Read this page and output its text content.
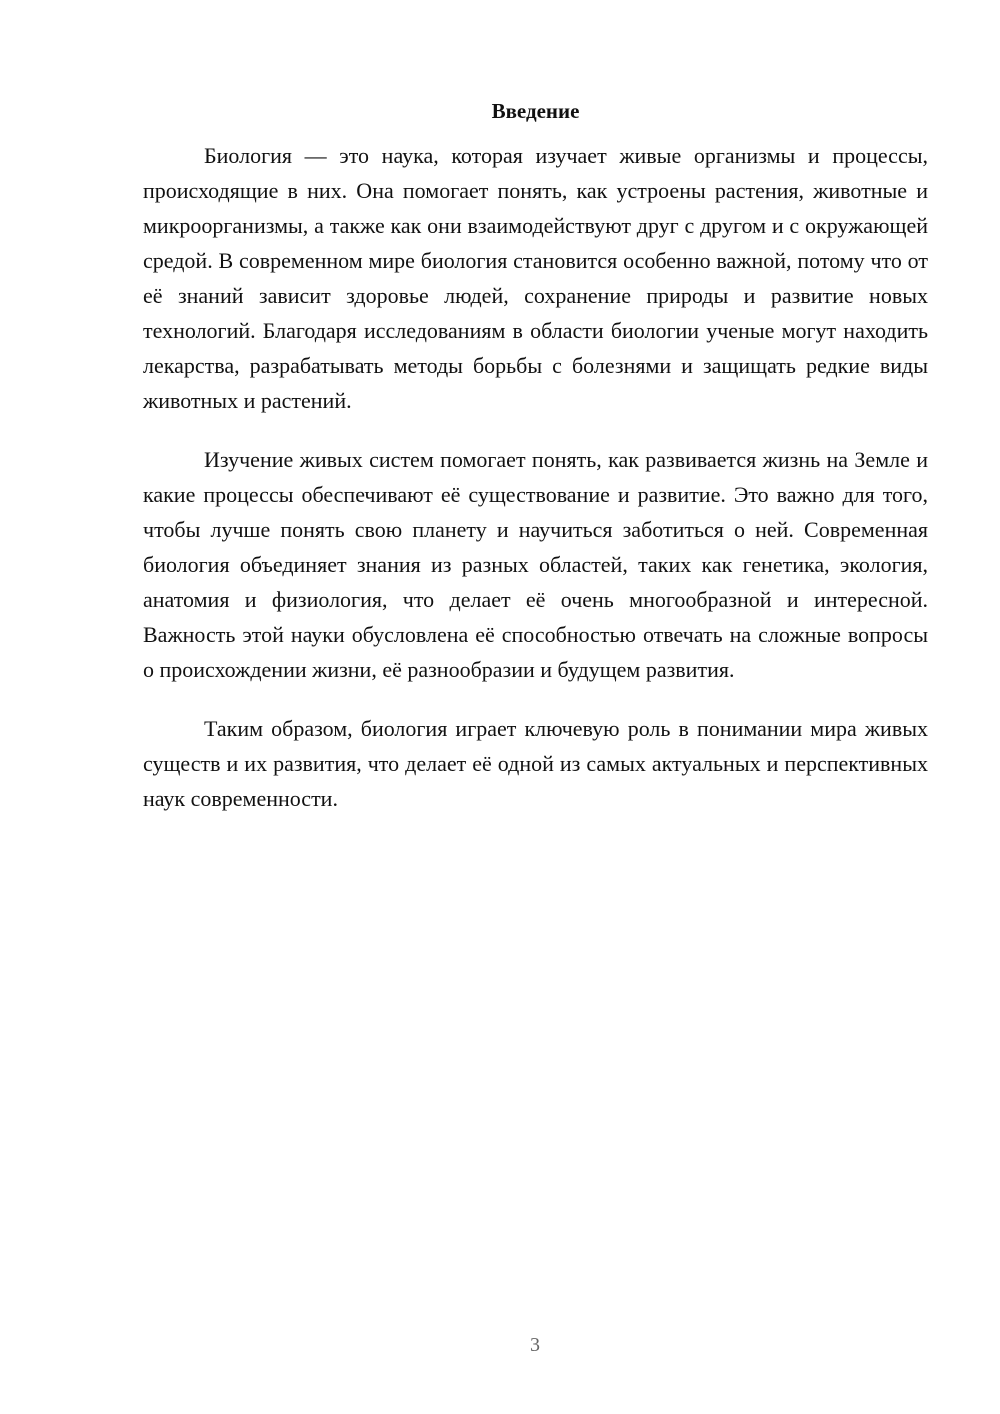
Введение

Биология — это наука, которая изучает живые организмы и процессы, происходящие в них. Она помогает понять, как устроены растения, животные и микроорганизмы, а также как они взаимодействуют друг с другом и с окружающей средой. В современном мире биология становится особенно важной, потому что от её знаний зависит здоровье людей, сохранение природы и развитие новых технологий. Благодаря исследованиям в области биологии ученые могут находить лекарства, разрабатывать методы борьбы с болезнями и защищать редкие виды животных и растений.

Изучение живых систем помогает понять, как развивается жизнь на Земле и какие процессы обеспечивают её существование и развитие. Это важно для того, чтобы лучше понять свою планету и научиться заботиться о ней. Современная биология объединяет знания из разных областей, таких как генетика, экология, анатомия и физиология, что делает её очень многообразной и интересной. Важность этой науки обусловлена её способностью отвечать на сложные вопросы о происхождении жизни, её разнообразии и будущем развития.

Таким образом, биология играет ключевую роль в понимании мира живых существ и их развития, что делает её одной из самых актуальных и перспективных наук современности.

3
